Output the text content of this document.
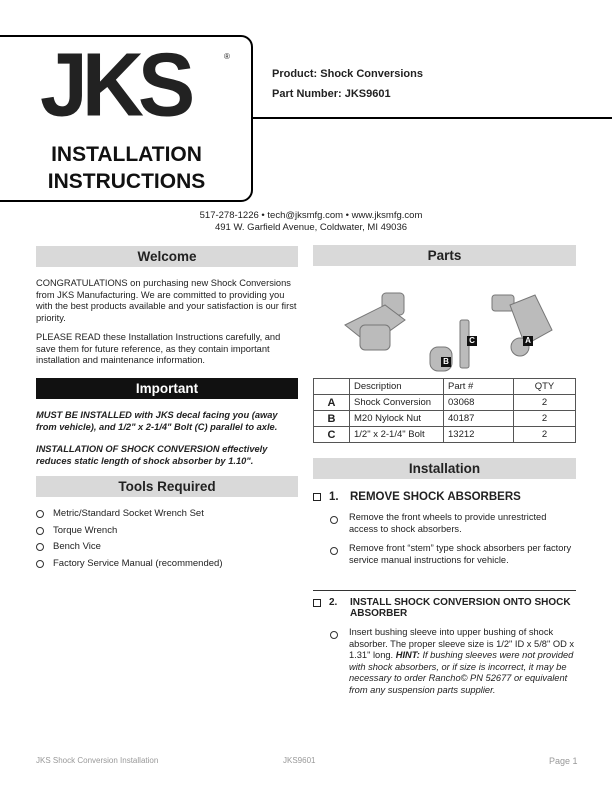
JKS	®
INSTALLATION
INSTRUCTIONS
Product: Shock Conversions
Part Number: JKS9601
517-278-1226 • tech@jksmfg.com • www.jksmfg.com
491 W. Garfield Avenue, Coldwater, MI 49036
Welcome
CONGRATULATIONS on purchasing new Shock Conversions from JKS Manufacturing. We are committed to providing you with the best products available and your satisfaction is our first priority.
PLEASE READ these Installation Instructions carefully, and save them for future reference, as they contain important installation and maintenance information.
Important
MUST BE INSTALLED with JKS decal facing you (away from vehicle), and 1/2" x 2-1/4" Bolt (C) parallel to axle.
INSTALLATION OF SHOCK CONVERSION effectively reduces static length of shock absorber by 1.10".
Tools Required
Metric/Standard Socket Wrench Set
Torque Wrench
Bench Vice
Factory Service Manual (recommended)
Parts
B
C	A
	Description	Part #	QTY
A	Shock Conversion	03068	2
B	M20 Nylock Nut	40187	2
C	1/2" x 2-1/4" Bolt	13212	2
Installation
1. REMOVE SHOCK ABSORBERS

Remove the front wheels to provide unrestricted access to shock absorbers.

Remove front “stem” type shock absorbers per factory service manual instructions for vehicle.

2. INSTALL SHOCK CONVERSION ONTO SHOCK ABSORBER

Insert bushing sleeve into upper bushing of shock absorber. The proper sleeve size is 1/2" ID x 5/8" OD x 1.31" long. HINT: If bushing sleeves were not provided with shock absorbers, or if size is incorrect, it may be necessary to order Rancho© PN 52677 or equivalent from any suspension parts supplier.

JKS Shock Conversion Installation	JKS9601	Page 1
